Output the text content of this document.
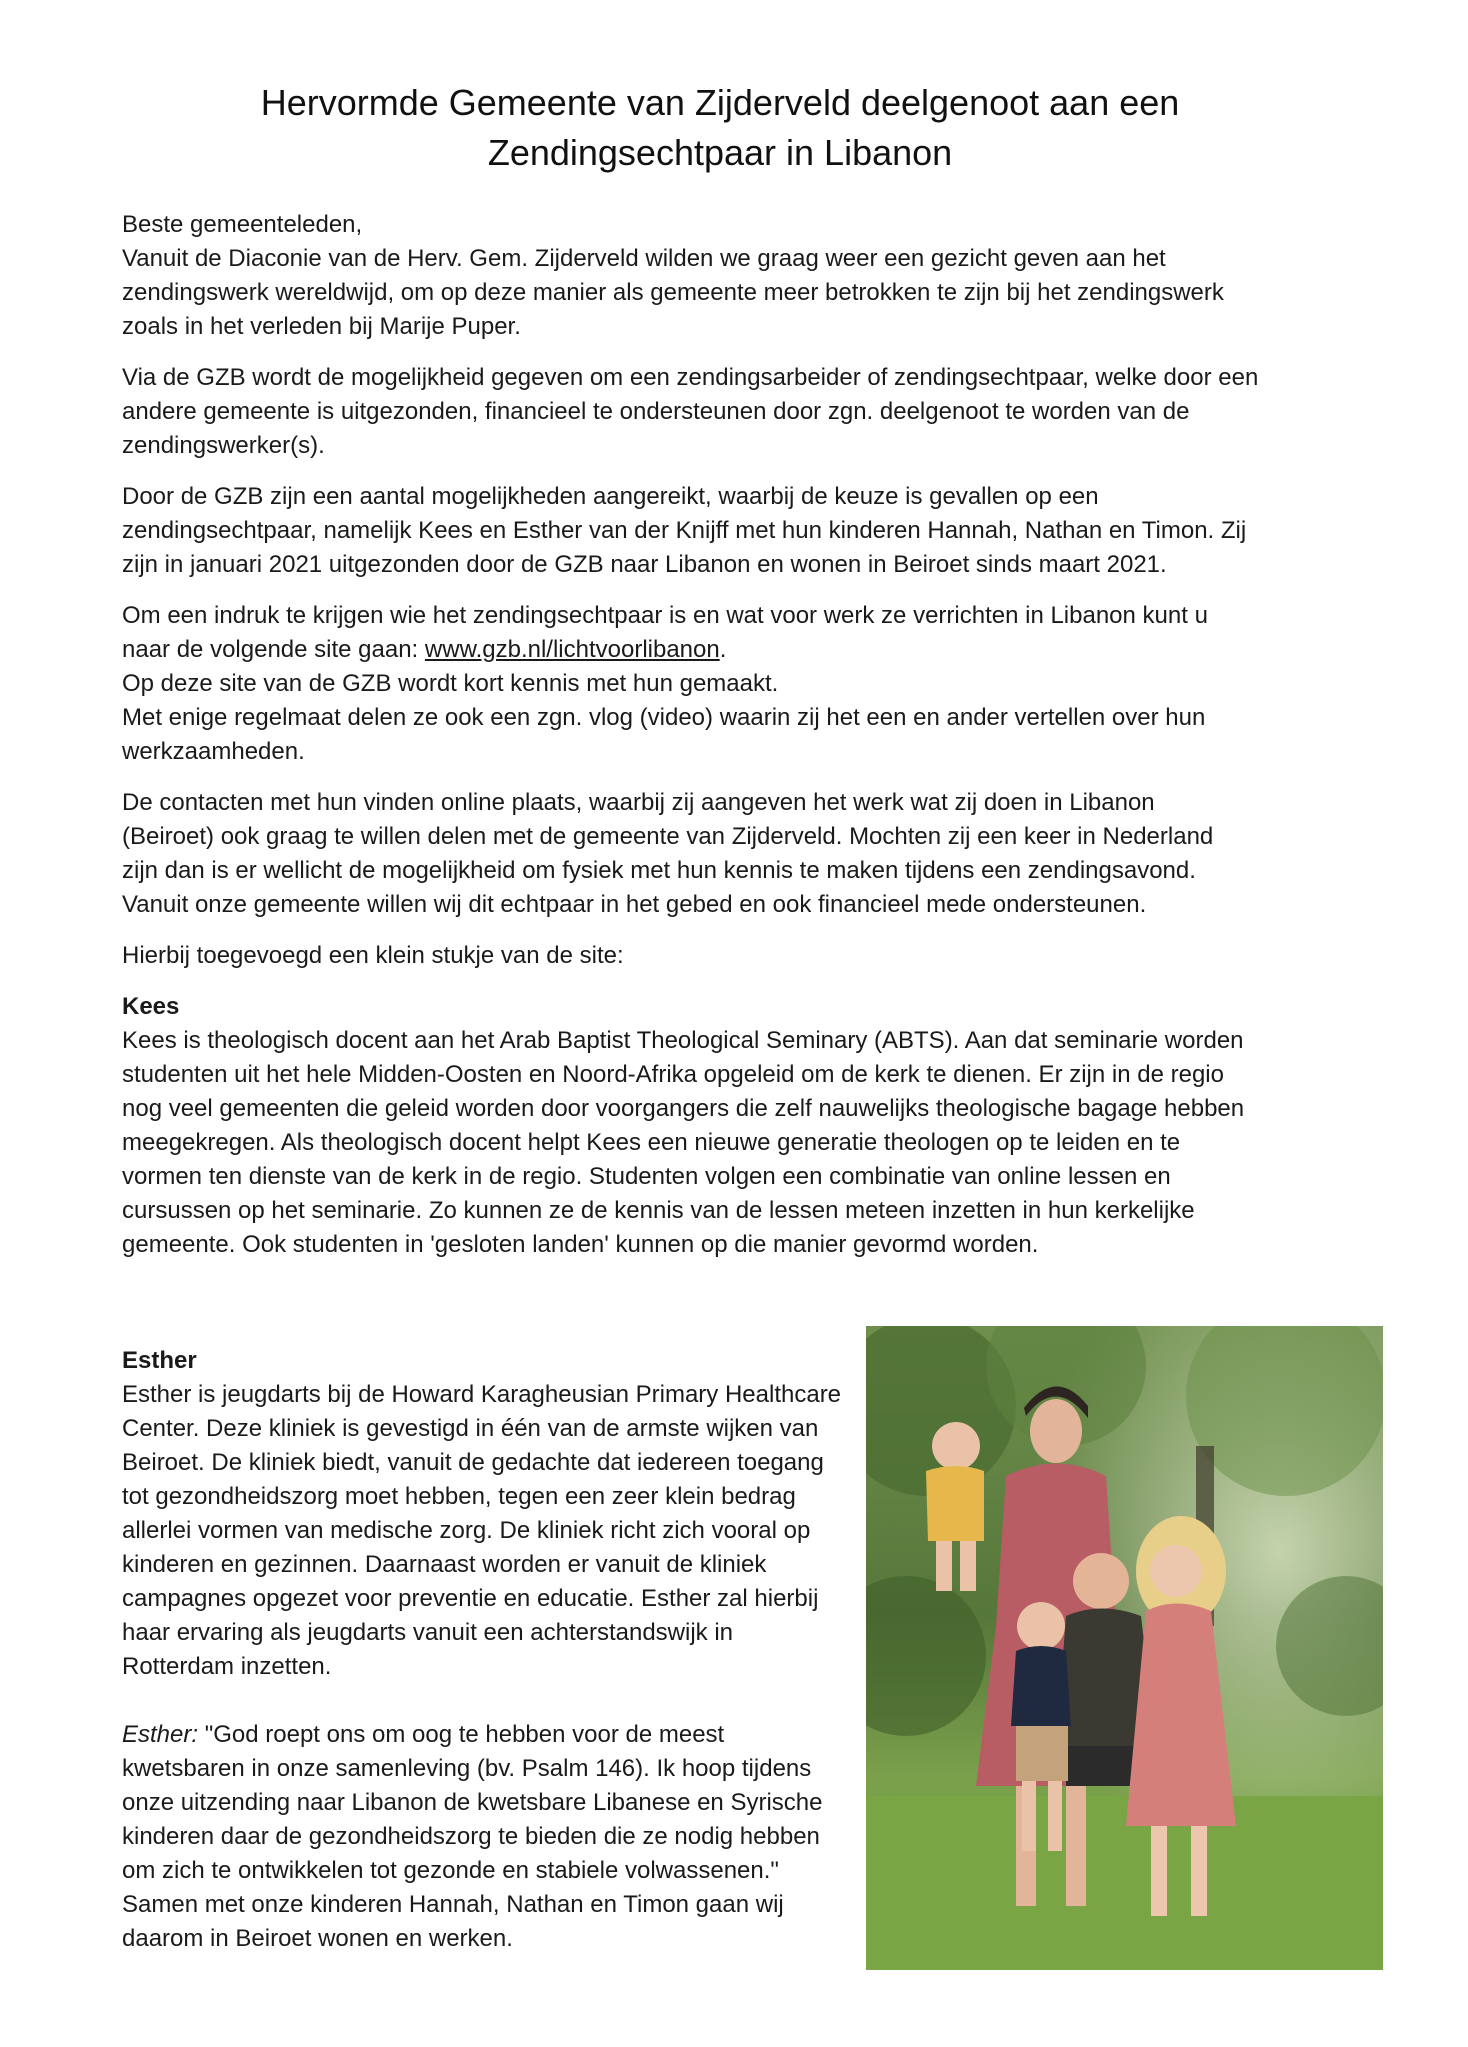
Hervormde Gemeente van Zijderveld deelgenoot aan een
Zendingsechtpaar in Libanon

Beste gemeenteleden,
Vanuit de Diaconie van de Herv. Gem. Zijderveld wilden we graag weer een gezicht geven aan het
zendingswerk wereldwijd, om op deze manier als gemeente meer betrokken te zijn bij het zendingswerk
zoals in het verleden bij Marije Puper.

Via de GZB wordt de mogelijkheid gegeven om een zendingsarbeider of zendingsechtpaar, welke door een
andere gemeente is uitgezonden, financieel te ondersteunen door zgn. deelgenoot te worden van de
zendingswerker(s).

Door de GZB zijn een aantal mogelijkheden aangereikt, waarbij de keuze is gevallen op een
zendingsechtpaar, namelijk Kees en Esther van der Knijff met hun kinderen Hannah, Nathan en Timon. Zij
zijn in januari 2021 uitgezonden door de GZB naar Libanon en wonen in Beiroet sinds maart 2021.

Om een indruk te krijgen wie het zendingsechtpaar is en wat voor werk ze verrichten in Libanon kunt u
naar de volgende site gaan: www.gzb.nl/lichtvoorlibanon.
Op deze site van de GZB wordt kort kennis met hun gemaakt.
Met enige regelmaat delen ze ook een zgn. vlog (video) waarin zij het een en ander vertellen over hun
werkzaamheden.

De contacten met hun vinden online plaats, waarbij zij aangeven het werk wat zij doen in Libanon
(Beiroet) ook graag te willen delen met de gemeente van Zijderveld. Mochten zij een keer in Nederland
zijn dan is er wellicht de mogelijkheid om fysiek met hun kennis te maken tijdens een zendingsavond.
Vanuit onze gemeente willen wij dit echtpaar in het gebed en ook financieel mede ondersteunen.

Hierbij toegevoegd een klein stukje van de site:

Kees
Kees is theologisch docent aan het Arab Baptist Theological Seminary (ABTS). Aan dat seminarie worden
studenten uit het hele Midden-Oosten en Noord-Afrika opgeleid om de kerk te dienen. Er zijn in de regio
nog veel gemeenten die geleid worden door voorgangers die zelf nauwelijks theologische bagage hebben
meegekregen. Als theologisch docent helpt Kees een nieuwe generatie theologen op te leiden en te
vormen ten dienste van de kerk in de regio. Studenten volgen een combinatie van online lessen en
cursussen op het seminarie. Zo kunnen ze de kennis van de lessen meteen inzetten in hun kerkelijke
gemeente. Ook studenten in 'gesloten landen' kunnen op die manier gevormd worden.

Esther
Esther is jeugdarts bij de Howard Karagheusian Primary Healthcare Center. Deze kliniek is gevestigd in één van de armste wijken van Beiroet. De kliniek biedt, vanuit de gedachte dat iedereen toegang tot gezondheidszorg moet hebben, tegen een zeer klein bedrag allerlei vormen van medische zorg. De kliniek richt zich vooral op kinderen en gezinnen. Daarnaast worden er vanuit de kliniek campagnes opgezet voor preventie en educatie. Esther zal hierbij haar ervaring als jeugdarts vanuit een achterstandswijk in Rotterdam inzetten.

Esther: "God roept ons om oog te hebben voor de meest kwetsbaren in onze samenleving (bv. Psalm 146). Ik hoop tijdens onze uitzending naar Libanon de kwetsbare Libanese en Syrische kinderen daar de gezondheidszorg te bieden die ze nodig hebben om zich te ontwikkelen tot gezonde en stabiele volwassenen." Samen met onze kinderen Hannah, Nathan en Timon gaan wij daarom in Beiroet wonen en werken.
